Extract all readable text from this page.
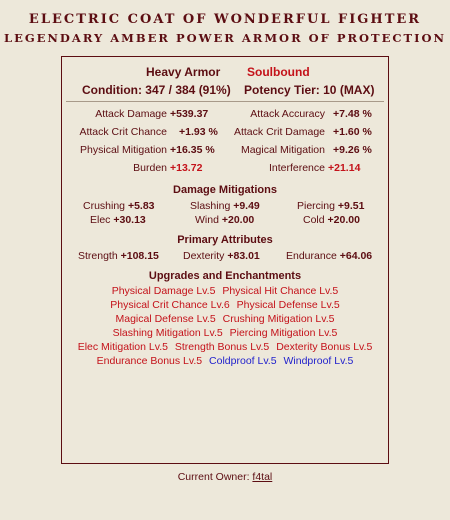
ELECTRIC COAT OF WONDERFUL FIGHTER
LEGENDARY AMBER POWER ARMOR OF PROTECTION
Heavy Armor Soulbound
Condition: 347 / 384 (91%) Potency Tier: 10 (MAX)
Attack Damage +539.37	Attack Accuracy +7.48 %
Attack Crit Chance +1.93 % Attack Crit Damage +1.60 %
Physical Mitigation +16.35 %	Magical Mitigation +9.26 %
Burden +13.72	Interference +21.14
Damage Mitigations
Crushing +5.83	Slashing +9.49	Piercing +9.51
Elec +30.13	Wind +20.00	Cold +20.00
Primary Attributes
Strength +108.15 Dexterity +83.01 Endurance +64.06
Upgrades and Enchantments
Physical Damage Lv.5 Physical Hit Chance Lv.5
Physical Crit Chance Lv.6 Physical Defense Lv.5
Magical Defense Lv.5 Crushing Mitigation Lv.5
Slashing Mitigation Lv.5 Piercing Mitigation Lv.5
Elec Mitigation Lv.5 Strength Bonus Lv.5 Dexterity Bonus Lv.5
Endurance Bonus Lv.5 Coldproof Lv.5 Windproof Lv.5
Current Owner: f4tal
